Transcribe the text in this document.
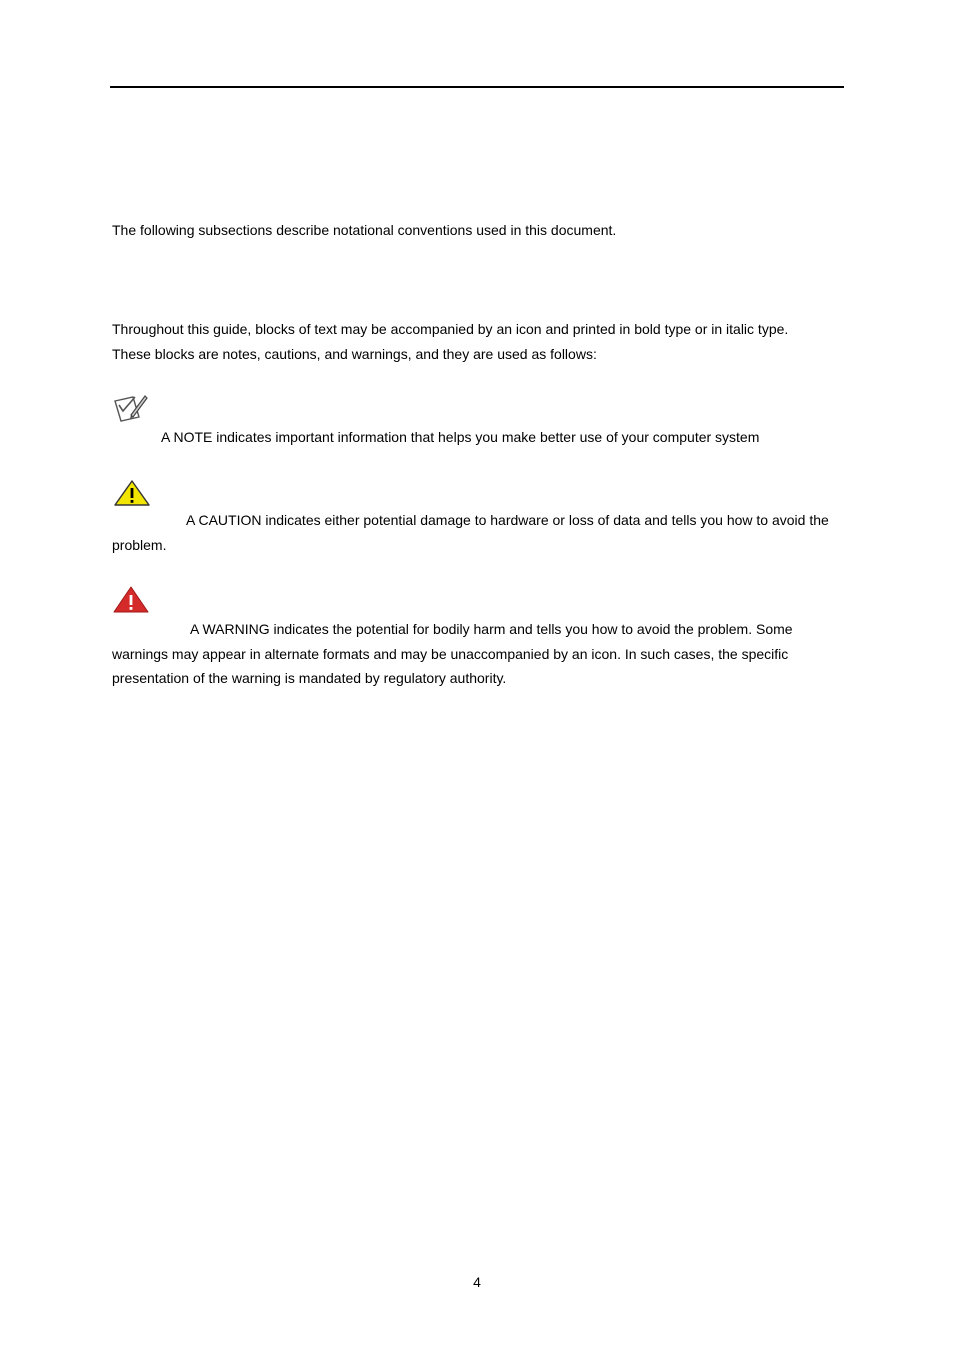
The following subsections describe notational conventions used in this document.
Throughout this guide, blocks of text may be accompanied by an icon and printed in bold type or in italic type.
These blocks are notes, cautions, and warnings, and they are used as follows:
A NOTE indicates important information that helps you make better use of your computer system
A CAUTION indicates either potential damage to hardware or loss of data and tells you how to avoid the
problem.
A WARNING indicates the potential for bodily harm and tells you how to avoid the problem. Some
warnings may appear in alternate formats and may be unaccompanied by an icon. In such cases, the specific
presentation of the warning is mandated by regulatory authority.
4
